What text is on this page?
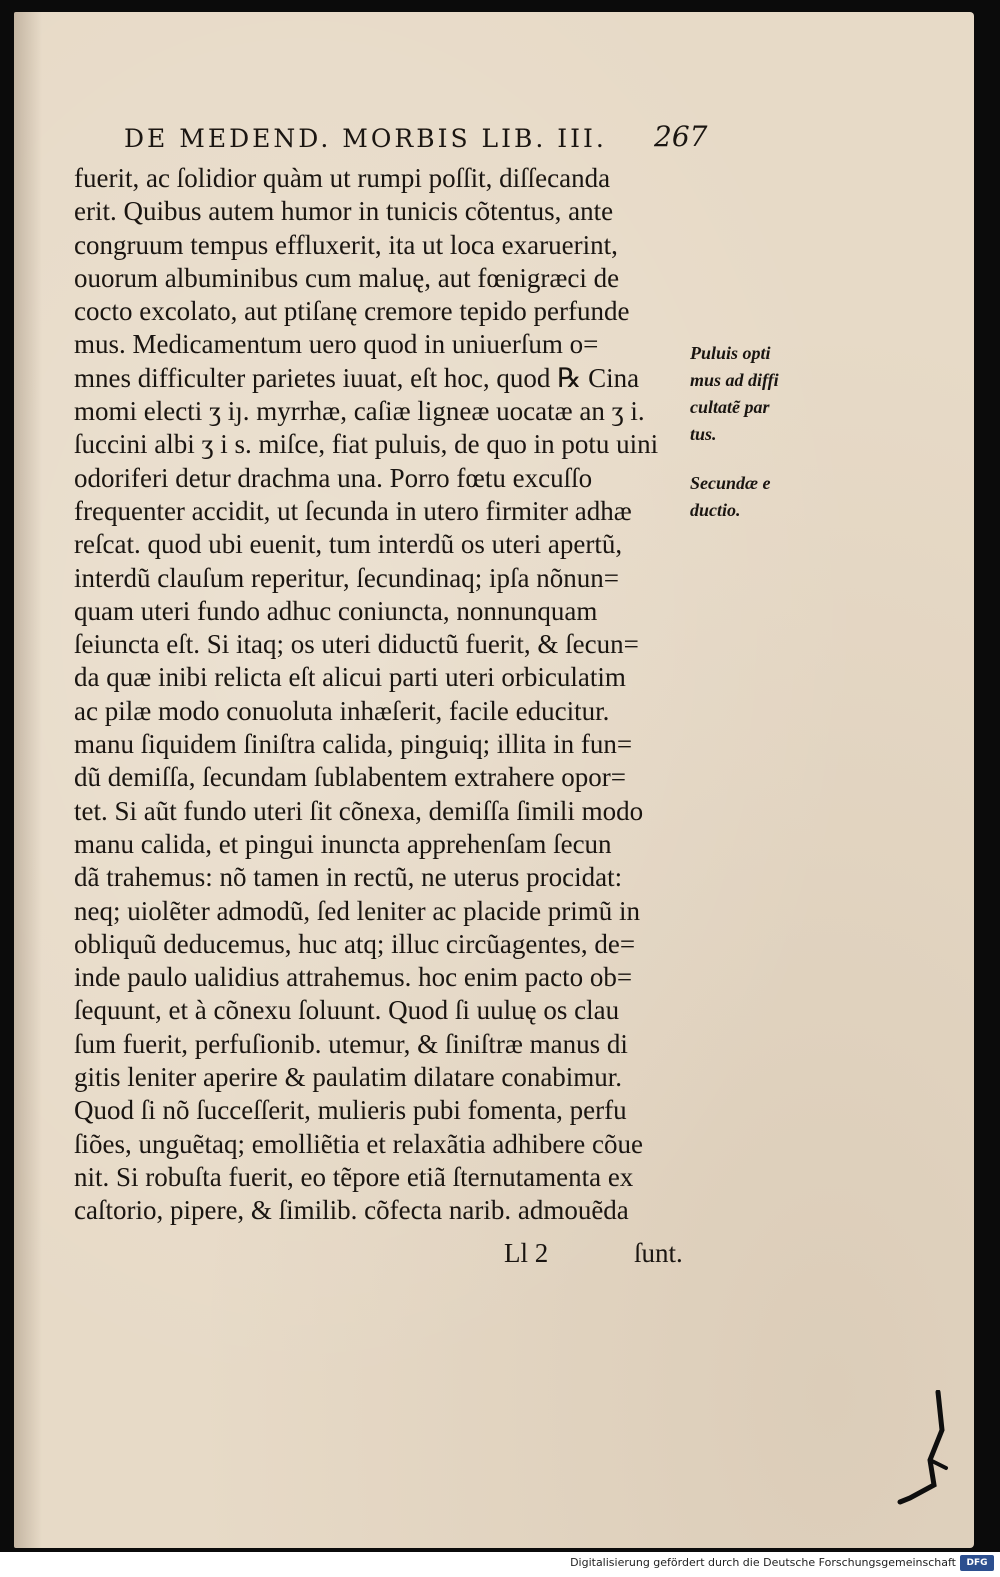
DE MEDEND. MORBIS LIB. III. 267
fuerit, ac ſolidior quàm ut rumpi poſſit, diſſecanda
erit. Quibus autem humor in tunicis cõtentus, ante
congruum tempus effluxerit, ita ut loca exaruerint,
ouorum albuminibus cum maluę, aut fœnigræci de
cocto excolato, aut ptiſanę cremore tepido perfunde
mus. Medicamentum uero quod in uniuerſum o=
mnes difficulter parietes iuuat, eſt hoc, quod ℞ Cina
momi electi ʒ iȷ. myrrhæ, caſiæ ligneæ uocatæ an ʒ i.
ſuccini albi ʒ i s. miſce, fiat puluis, de quo in potu uini
odoriferi detur drachma una. Porro fœtu excuſſo
frequenter accidit, ut ſecunda in utero firmiter adhæ
reſcat. quod ubi euenit, tum interdũ os uteri apertũ,
interdũ clauſum reperitur, ſecundinaq; ipſa nõnun=
quam uteri fundo adhuc coniuncta, nonnunquam
ſeiuncta eſt. Si itaq; os uteri diductũ fuerit, & ſecun=
da quæ inibi relicta eſt alicui parti uteri orbiculatim
ac pilæ modo conuoluta inhæſerit, facile educitur.
manu ſiquidem ſiniſtra calida, pinguiq; illita in fun=
dũ demiſſa, ſecundam ſublabentem extrahere opor=
tet. Si aũt fundo uteri ſit cõnexa, demiſſa ſimili modo
manu calida, et pingui inuncta apprehenſam ſecun
dã trahemus: nõ tamen in rectũ, ne uterus procidat:
neq; uiolẽter admodũ, ſed leniter ac placide primũ in
obliquũ deducemus, huc atq; illuc circũagentes, de=
inde paulo ualidius attrahemus. hoc enim pacto ob=
ſequunt, et à cõnexu ſoluunt. Quod ſi uuluę os clau
ſum fuerit, perfuſionib. utemur, & ſiniſtræ manus di
gitis leniter aperire & paulatim dilatare conabimur.
Quod ſi nõ ſucceſſerit, mulieris pubi fomenta, perfu
ſiões, unguẽtaq; emolliẽtia et relaxãtia adhibere cõue
nit. Si robuſta fuerit, eo tẽpore etiã ſternutamenta ex
caſtorio, pipere, & ſimilib. cõfecta narib. admouẽda
Puluis opti
mus ad diffi
cultatẽ par
tus.
Secundæ e
ductio.
Ll 2	ſunt.
Digitalisierung gefördert durch die Deutsche Forschungsgemeinschaft	DFG
